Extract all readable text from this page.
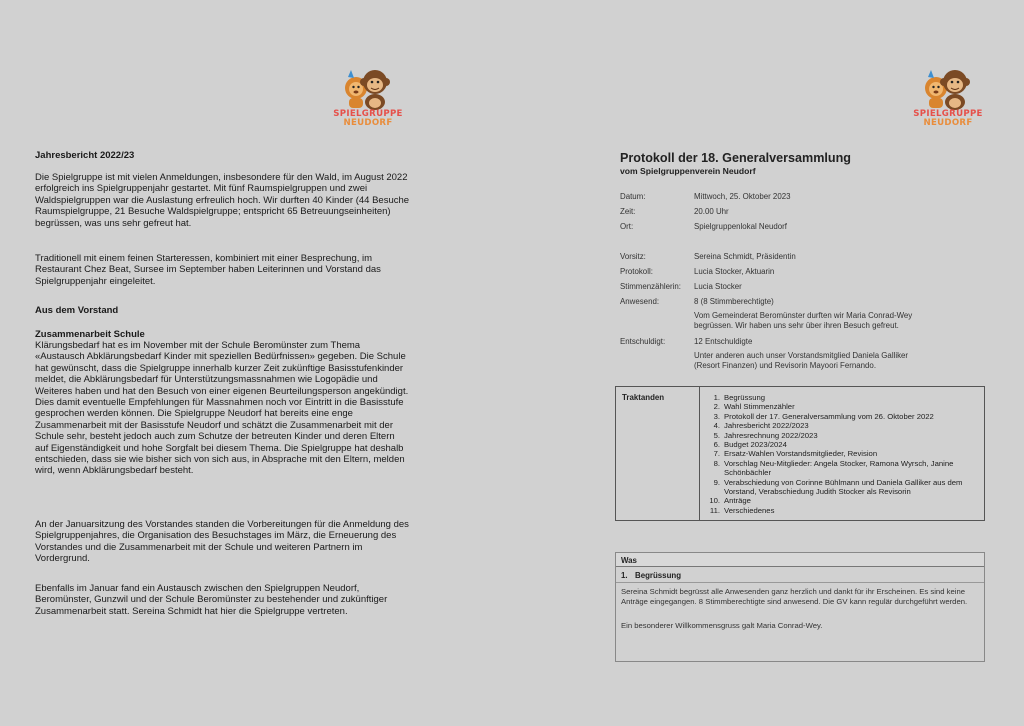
SPIELGRUPPE
NEUDORF

Jahresbericht 2022/23

Die Spielgruppe ist mit vielen Anmeldungen, insbesondere für den Wald, im August 2022 erfolgreich ins Spielgruppenjahr gestartet. Mit fünf Raumspielgruppen und zwei Waldspielgruppen war die Auslastung erfreulich hoch. Wir durften 40 Kinder (44 Besuche Raumspielgruppe, 21 Besuche Waldspielgruppe; entspricht 65 Betreuungseinheiten) begrüssen, was uns sehr gefreut hat.

Traditionell mit einem feinen Starteressen, kombiniert mit einer Besprechung, im Restaurant Chez Beat, Sursee im September haben Leiterinnen und Vorstand das Spielgruppenjahr eingeleitet.

Aus dem Vorstand

Zusammenarbeit Schule

Klärungsbedarf hat es im November mit der Schule Beromünster zum Thema «Austausch Abklärungsbedarf Kinder mit speziellen Bedürfnissen» gegeben. Die Schule hat gewünscht, dass die Spielgruppe innerhalb kurzer Zeit zukünftige Basisstufenkinder meldet, die Abklärungsbedarf für Unterstützungsmassnahmen wie Logopädie und Weiteres haben und hat den Besuch von einer eigenen Beurteilungsperson angekündigt. Dies damit eventuelle Empfehlungen für Massnahmen noch vor Eintritt in die Basisstufe gesprochen werden können. Die Spielgruppe Neudorf hat bereits eine enge Zusammenarbeit mit der Basisstufe Neudorf und schätzt die Zusammenarbeit mit der Schule sehr, besteht jedoch auch zum Schutze der betreuten Kinder und deren Eltern auf Eigenständigkeit und hohe Sorgfalt bei diesem Thema. Die Spielgruppe hat deshalb entschieden, dass sie wie bisher sich von sich aus, in Absprache mit den Eltern, melden wird, wenn Abklärungsbedarf besteht.

An der Januarsitzung des Vorstandes standen die Vorbereitungen für die Anmeldung des Spielgruppenjahres, die Organisation des Besuchstages im März, die Erneuerung des Vorstandes und die Zusammenarbeit mit der Schule und weiteren Partnern im Vordergrund.

Ebenfalls im Januar fand ein Austausch zwischen den Spielgruppen Neudorf, Beromünster, Gunzwil und der Schule Beromünster zu bestehender und zukünftiger Zusammenarbeit statt. Sereina Schmidt hat hier die Spielgruppe vertreten.

SPIELGRUPPE
NEUDORF
Protokoll der 18. Generalversammlung
vom Spielgruppenverein Neudorf
Datum:	Mittwoch, 25. Oktober 2023
Zeit:	20.00 Uhr
Ort:	Spielgruppenlokal Neudorf
Vorsitz:	Sereina Schmidt, Präsidentin
Protokoll:	Lucia Stocker, Aktuarin
Stimmenzählerin: Lucia Stocker
Anwesend:	8 (8 Stimmberechtigte)
Vom Gemeinderat Beromünster durften wir Maria Conrad-Wey
begrüssen. Wir haben uns sehr über ihren Besuch gefreut.
Entschuldigt:	12 Entschuldigte
Unter anderen auch unser Vorstandsmitglied Daniela Galliker
(Resort Finanzen) und Revisorin Mayoori Fernando.
Traktanden	1. Begrüssung
2. Wahl Stimmenzähler
3. Protokoll der 17. Generalversammlung vom 26. Oktober 2022
4. Jahresbericht 2022/2023
5. Jahresrechnung 2022/2023
6. Budget 2023/2024
7. Ersatz-Wahlen Vorstandsmitglieder, Revision
8. Vorschlag Neu-Mitglieder: Angela Stocker, Ramona Wyrsch, Janine Schönbächler
9. Verabschiedung von Corinne Bühlmann und Daniela Galliker aus dem Vorstand, Verabschiedung Judith Stocker als Revisorin
10. Anträge
11. Verschiedenes
Was
1. Begrüssung
Sereina Schmidt begrüsst alle Anwesenden ganz herzlich und dankt für ihr Erscheinen. Es sind keine Anträge eingegangen. 8 Stimmberechtigte sind anwesend. Die GV kann regulär durchgeführt werden.
Ein besonderer Willkommensgruss galt Maria Conrad-Wey.
